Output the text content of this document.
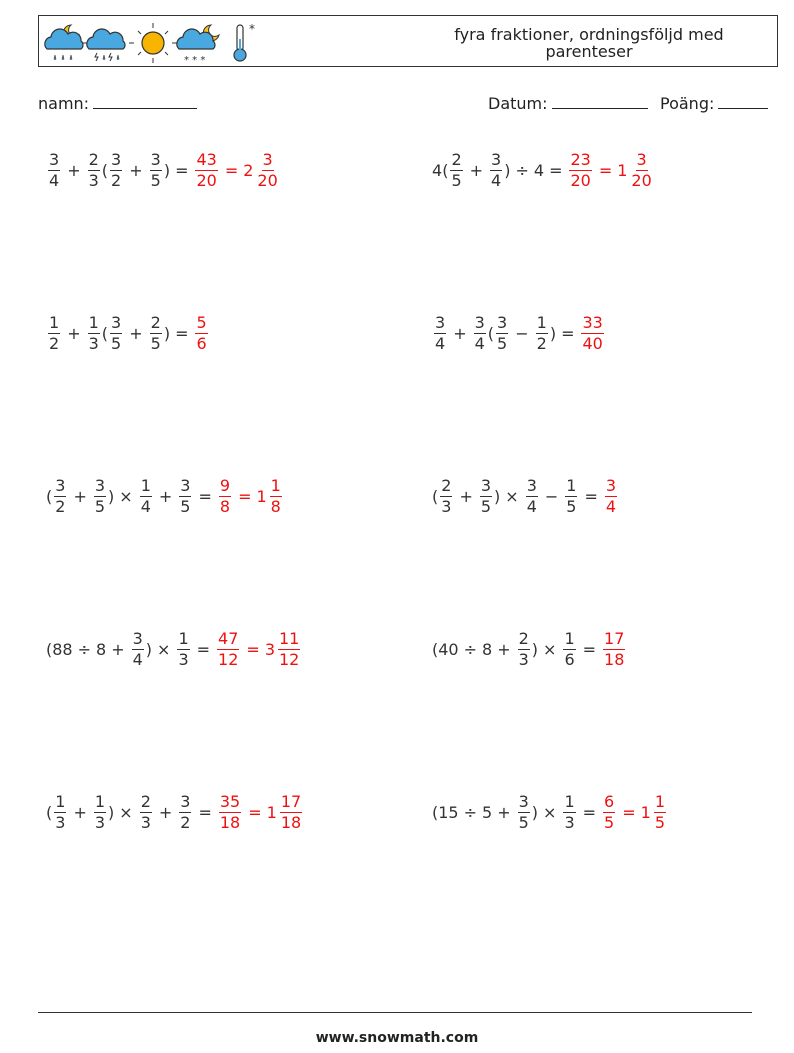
* * *
*	fyra fraktioner, ordningsföljd med parenteser
namn:	Datum:	Poäng:
$\frac{3}{4} + \frac{2}{3}$ ( $\frac{3}{2} + \frac{3}{5}$ ) = $\frac{43}{20} = 2 \frac{3}{20}$	4 ( $\frac{2}{5} + \frac{3}{4}$ ) ÷ $4 = \frac{23}{20} = 1 \frac{3}{20}$
$\frac{1}{2} + \frac{1}{3}$ ( $\frac{3}{5} + \frac{2}{5}$ ) = $\frac{5}{6}$	$\frac{3}{4} + \frac{3}{4}$ ( $\frac{3}{5} - \frac{1}{2}$ ) = $\frac{33}{40}$
( $\frac{3}{2} + \frac{3}{5}$ ) × $\frac{1}{4} + \frac{3}{5} = \frac{9}{8} = 1 \frac{1}{8}$	( $\frac{2}{3} + \frac{3}{5}$ ) × $\frac{3}{4} - \frac{1}{5} = \frac{3}{4}$
( $88 \div 8 + \frac{3}{4}$ ) × $\frac{1}{3} = \frac{47}{12} = 3 \frac{11}{12}$	( $40 \div 8 + \frac{2}{3}$ ) × $\frac{1}{6} = \frac{17}{18}$
( $\frac{1}{3} + \frac{1}{3}$ ) × $\frac{2}{3} + \frac{3}{2} = \frac{35}{18} = 1 \frac{17}{18}$	( $15 \div 5 + \frac{3}{5}$ ) × $\frac{1}{3} = \frac{6}{5} = 1 \frac{1}{5}$
www.snowmath.com
